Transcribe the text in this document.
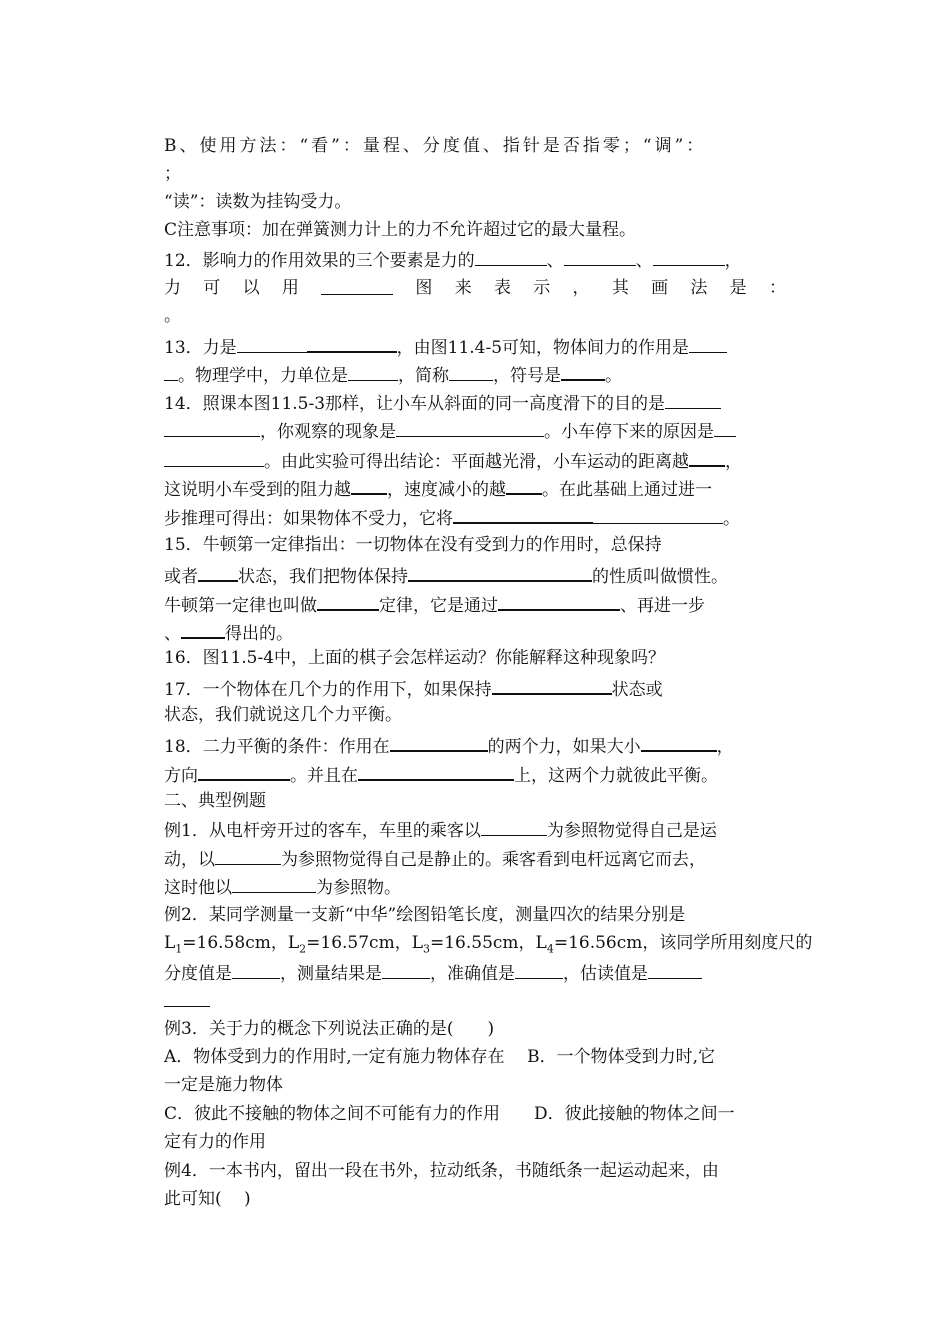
B、使用方法：“看”：量程、分度值、指针是否指零；“调”：
；
“读”：读数为挂钩受力。
C注意事项：加在弹簧测力计上的力不允许超过它的最大量程。
12．影响力的作用效果的三个要素是力的	、	、	，
力 可 以 用	图 来 表 示 ， 其 画 法 是 ：
。
13．力是	，由图11.4-5可知，物体间力的作用是
。物理学中，力单位是	，简称	，符号是	。
14．照课本图11.5-3那样，让小车从斜面的同一高度滑下的目的是
，你观察的现象是	。小车停下来的原因是
。由此实验可得出结论：平面越光滑，小车运动的距离越 ，
这说明小车受到的阻力越 ，速度减小的越 。在此基础上通过进一
步推理可得出：如果物体不受力，它将	。
15．牛顿第一定律指出：一切物体在没有受到力的作用时，总保持
或者 状态，我们把物体保持	的性质叫做惯性。
牛顿第一定律也叫做	定律，它是通过	、再进一步
、	得出的。
16．图11.5-4中，上面的棋子会怎样运动？你能解释这种现象吗？
17．一个物体在几个力的作用下，如果保持	状态或
状态，我们就说这几个力平衡。
18．二力平衡的条件：作用在	的两个力，如果大小	，
方向	。并且在	上，这两个力就彼此平衡。
二、典型例题
例1．从电杆旁开过的客车，车里的乘客以	为参照物觉得自己是运
动，以	为参照物觉得自己是静止的。乘客看到电杆远离它而去，
这时他以	为参照物。
例2．某同学测量一支新“中华”绘图铅笔长度，测量四次的结果分别是
$L_1=16.58cm$，$L_2=16.57cm$，$L_3=16.55cm$，$L_4=16.56cm$，该同学所用刻度尺的
分度值是	，测量结果是	，准确值是	，估读值是
例3．关于力的概念下列说法正确的是(　　)
A．物体受到力的作用时,一定有施力物体存在　 B．一个物体受到力时,它
一定是施力物体
C．彼此不接触的物体之间不可能有力的作用　　D．彼此接触的物体之间一
定有力的作用
例4．一本书内，留出一段在书外，拉动纸条，书随纸条一起运动起来，由
此可知(　 )
